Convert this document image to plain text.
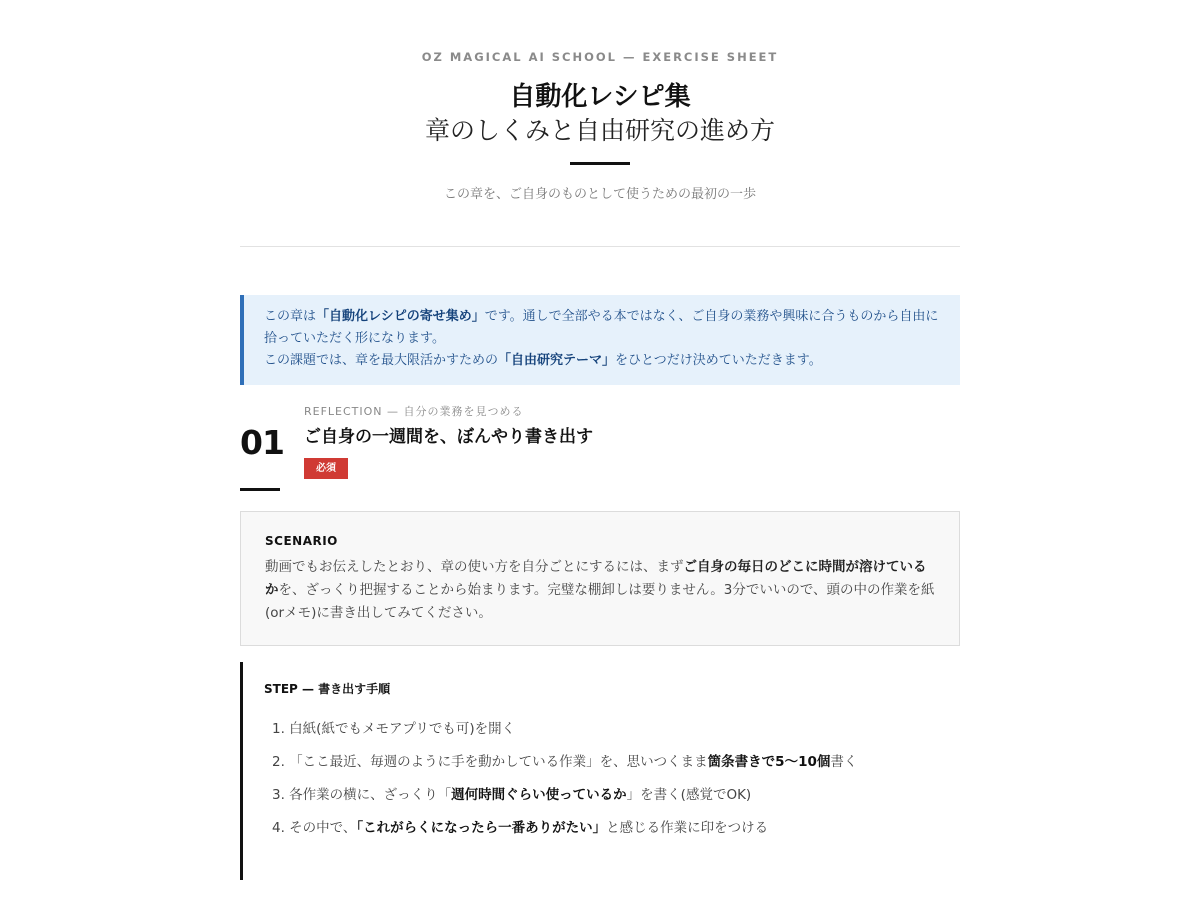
OZ MAGICAL AI SCHOOL — EXERCISE SHEET
自動化レシピ集
章のしくみと自由研究の進め方
この章を、ご自身のものとして使うための最初の一歩
この章は「自動化レシピの寄せ集め」です。通しで全部やる本ではなく、ご自身の業務や興味に合うものから自由に拾っていただく形になります。
この課題では、章を最大限活かすための「自由研究テーマ」をひとつだけ決めていただきます。
01
REFLECTION — 自分の業務を見つめる
ご自身の一週間を、ぼんやり書き出す
必須
SCENARIO
動画でもお伝えしたとおり、章の使い方を自分ごとにするには、まずご自身の毎日のどこに時間が溶けているかを、ざっくり把握することから始まります。完璧な棚卸しは要りません。3分でいいので、頭の中の作業を紙(orメモ)に書き出してみてください。
STEP — 書き出す手順
1. 白紙(紙でもメモアプリでも可)を開く
2. 「ここ最近、毎週のように手を動かしている作業」を、思いつくまま箇条書きで5〜10個書く
3. 各作業の横に、ざっくり「週何時間ぐらい使っているか」を書く(感覚でOK)
4. その中で、「これがらくになったら一番ありがたい」と感じる作業に印をつける
